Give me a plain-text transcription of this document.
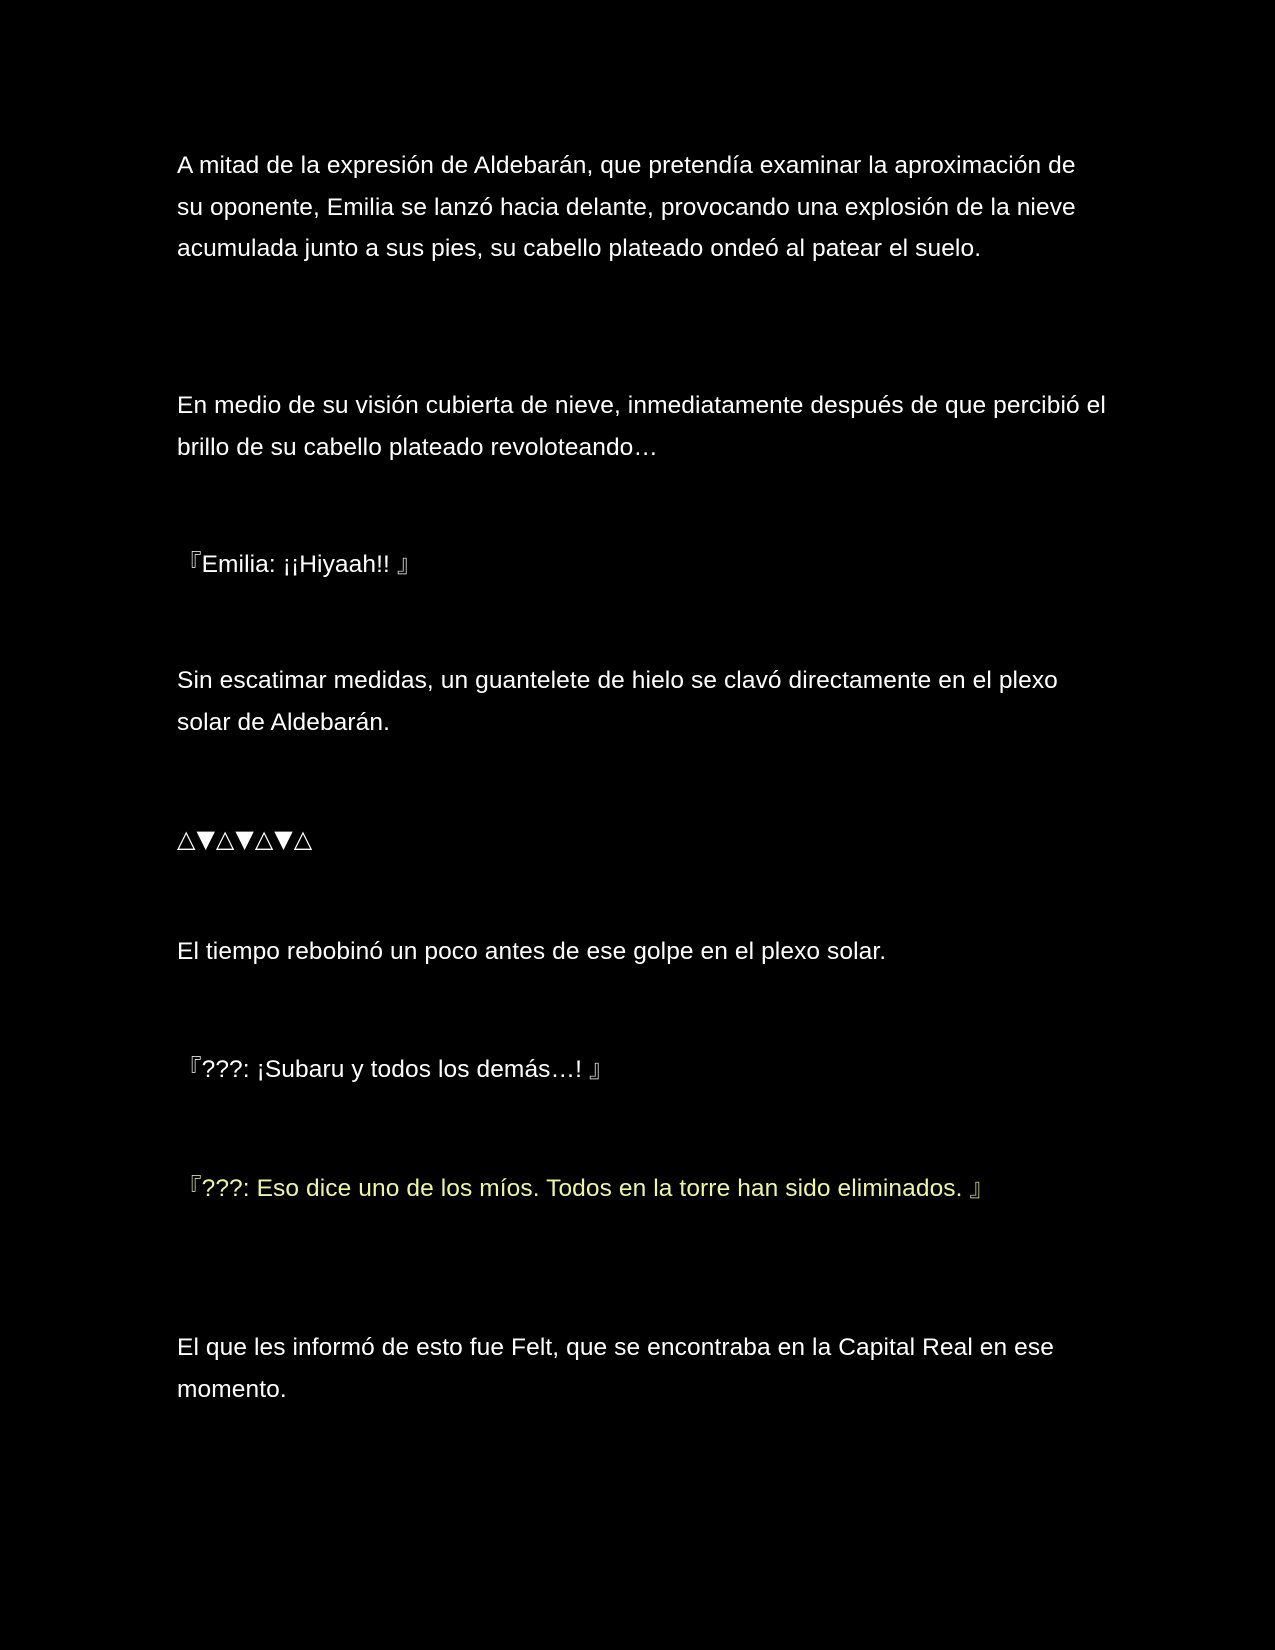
A mitad de la expresión de Aldebarán, que pretendía examinar la aproximación de su oponente, Emilia se lanzó hacia delante, provocando una explosión de la nieve acumulada junto a sus pies, su cabello plateado ondeó al patear el suelo.

En medio de su visión cubierta de nieve, inmediatamente después de que percibió el brillo de su cabello plateado revoloteando…

『Emilia: ¡¡Hiyaah!! 』

Sin escatimar medidas, un guantelete de hielo se clavó directamente en el plexo solar de Aldebarán.

△▼△▼△▼△

El tiempo rebobinó un poco antes de ese golpe en el plexo solar.

『???: ¡Subaru y todos los demás…! 』

『???: Eso dice uno de los míos. Todos en la torre han sido eliminados. 』

El que les informó de esto fue Felt, que se encontraba en la Capital Real en ese momento.
